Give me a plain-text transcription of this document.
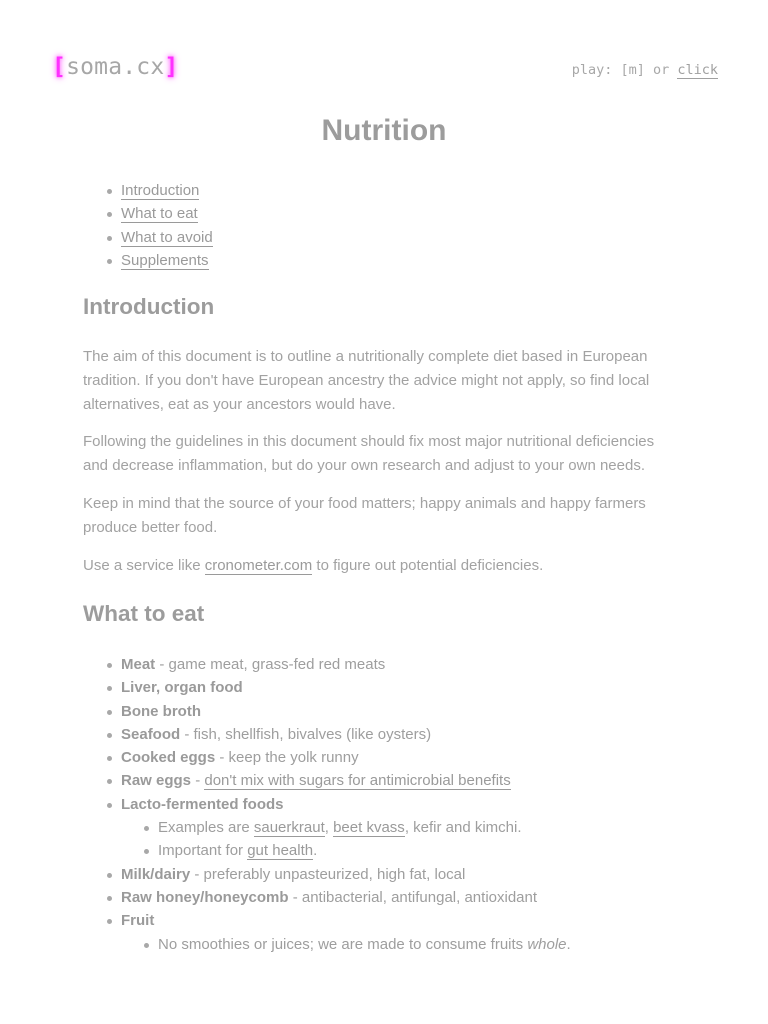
[soma.cx]	play: [m] or click
Nutrition
Introduction
What to eat
What to avoid
Supplements
Introduction

The aim of this document is to outline a nutritionally complete diet based in European tradition. If you don't have European ancestry the advice might not apply, so find local alternatives, eat as your ancestors would have.

Following the guidelines in this document should fix most major nutritional deficiencies and decrease inflammation, but do your own research and adjust to your own needs.

Keep in mind that the source of your food matters; happy animals and happy farmers produce better food.

Use a service like cronometer.com to figure out potential deficiencies.

What to eat
Meat - game meat, grass-fed red meats
Liver, organ food
Bone broth
Seafood - fish, shellfish, bivalves (like oysters)
Cooked eggs - keep the yolk runny
Raw eggs - don't mix with sugars for antimicrobial benefits
Lacto-fermented foods
Examples are sauerkraut, beet kvass, kefir and kimchi.
Important for gut health.
Milk/dairy - preferably unpasteurized, high fat, local
Raw honey/honeycomb - antibacterial, antifungal, antioxidant
Fruit
No smoothies or juices; we are made to consume fruits whole.
